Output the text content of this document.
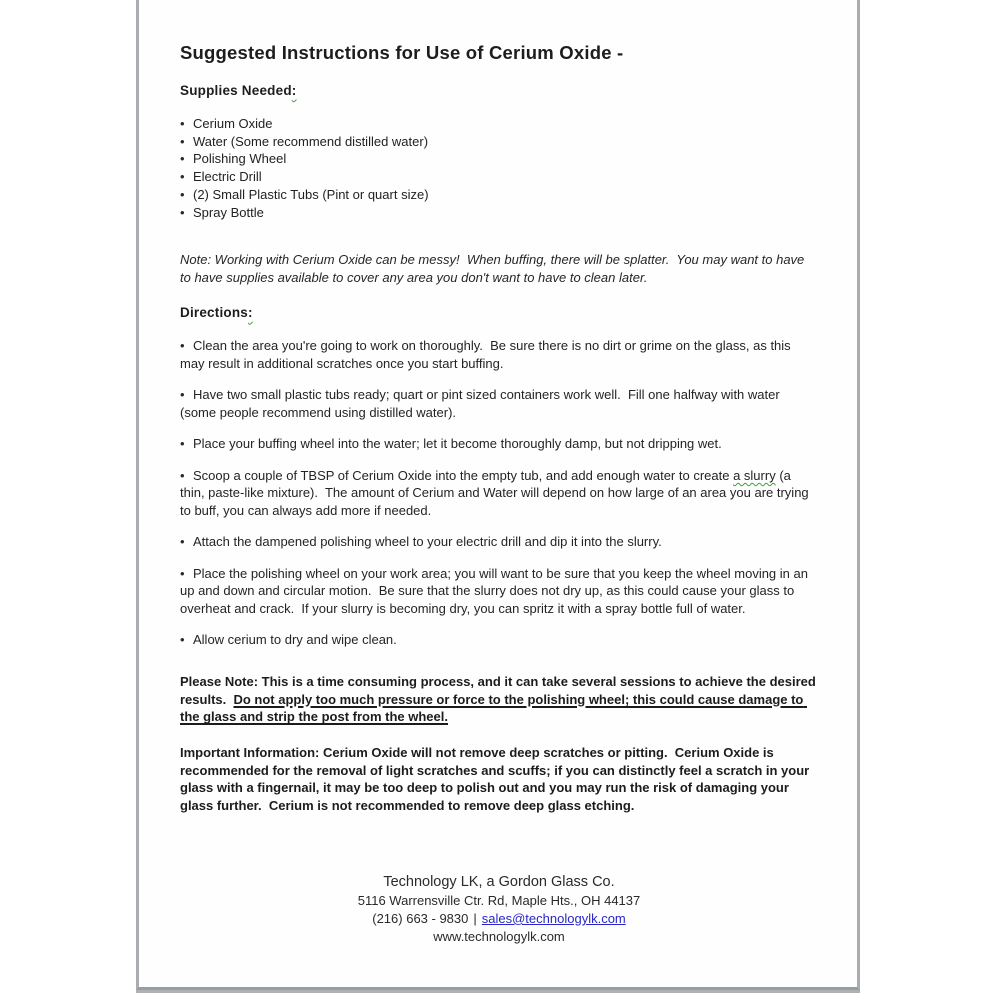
Suggested Instructions for Use of Cerium Oxide -
Supplies Needed:
• Cerium Oxide
• Water (Some recommend distilled water)
• Polishing Wheel
• Electric Drill
• (2) Small Plastic Tubs (Pint or quart size)
• Spray Bottle

Note: Working with Cerium Oxide can be messy!  When buffing, there will be splatter.  You may want to have to have supplies available to cover any area you don't want to have to clean later.

Directions:

• Clean the area you're going to work on thoroughly.  Be sure there is no dirt or grime on the glass, as this may result in additional scratches once you start buffing.

• Have two small plastic tubs ready; quart or pint sized containers work well.  Fill one halfway with water (some people recommend using distilled water).

• Place your buffing wheel into the water; let it become thoroughly damp, but not dripping wet.

• Scoop a couple of TBSP of Cerium Oxide into the empty tub, and add enough water to create a slurry (a thin, paste-like mixture).  The amount of Cerium and Water will depend on how large of an area you are trying to buff, you can always add more if needed.

• Attach the dampened polishing wheel to your electric drill and dip it into the slurry.

• Place the polishing wheel on your work area; you will want to be sure that you keep the wheel moving in an up and down and circular motion.  Be sure that the slurry does not dry up, as this could cause your glass to overheat and crack.  If your slurry is becoming dry, you can spritz it with a spray bottle full of water.

• Allow cerium to dry and wipe clean.

Please Note: This is a time consuming process, and it can take several sessions to achieve the desired results.  Do not apply too much pressure or force to the polishing wheel; this could cause damage to the glass and strip the post from the wheel.

Important Information: Cerium Oxide will not remove deep scratches or pitting.  Cerium Oxide is recommended for the removal of light scratches and scuffs; if you can distinctly feel a scratch in your glass with a fingernail, it may be too deep to polish out and you may run the risk of damaging your glass further.  Cerium is not recommended to remove deep glass etching.

Technology LK, a Gordon Glass Co.
5116 Warrensville Ctr. Rd, Maple Hts., OH 44137
(216) 663 - 9830 | sales@technologylk.com
www.technologylk.com
